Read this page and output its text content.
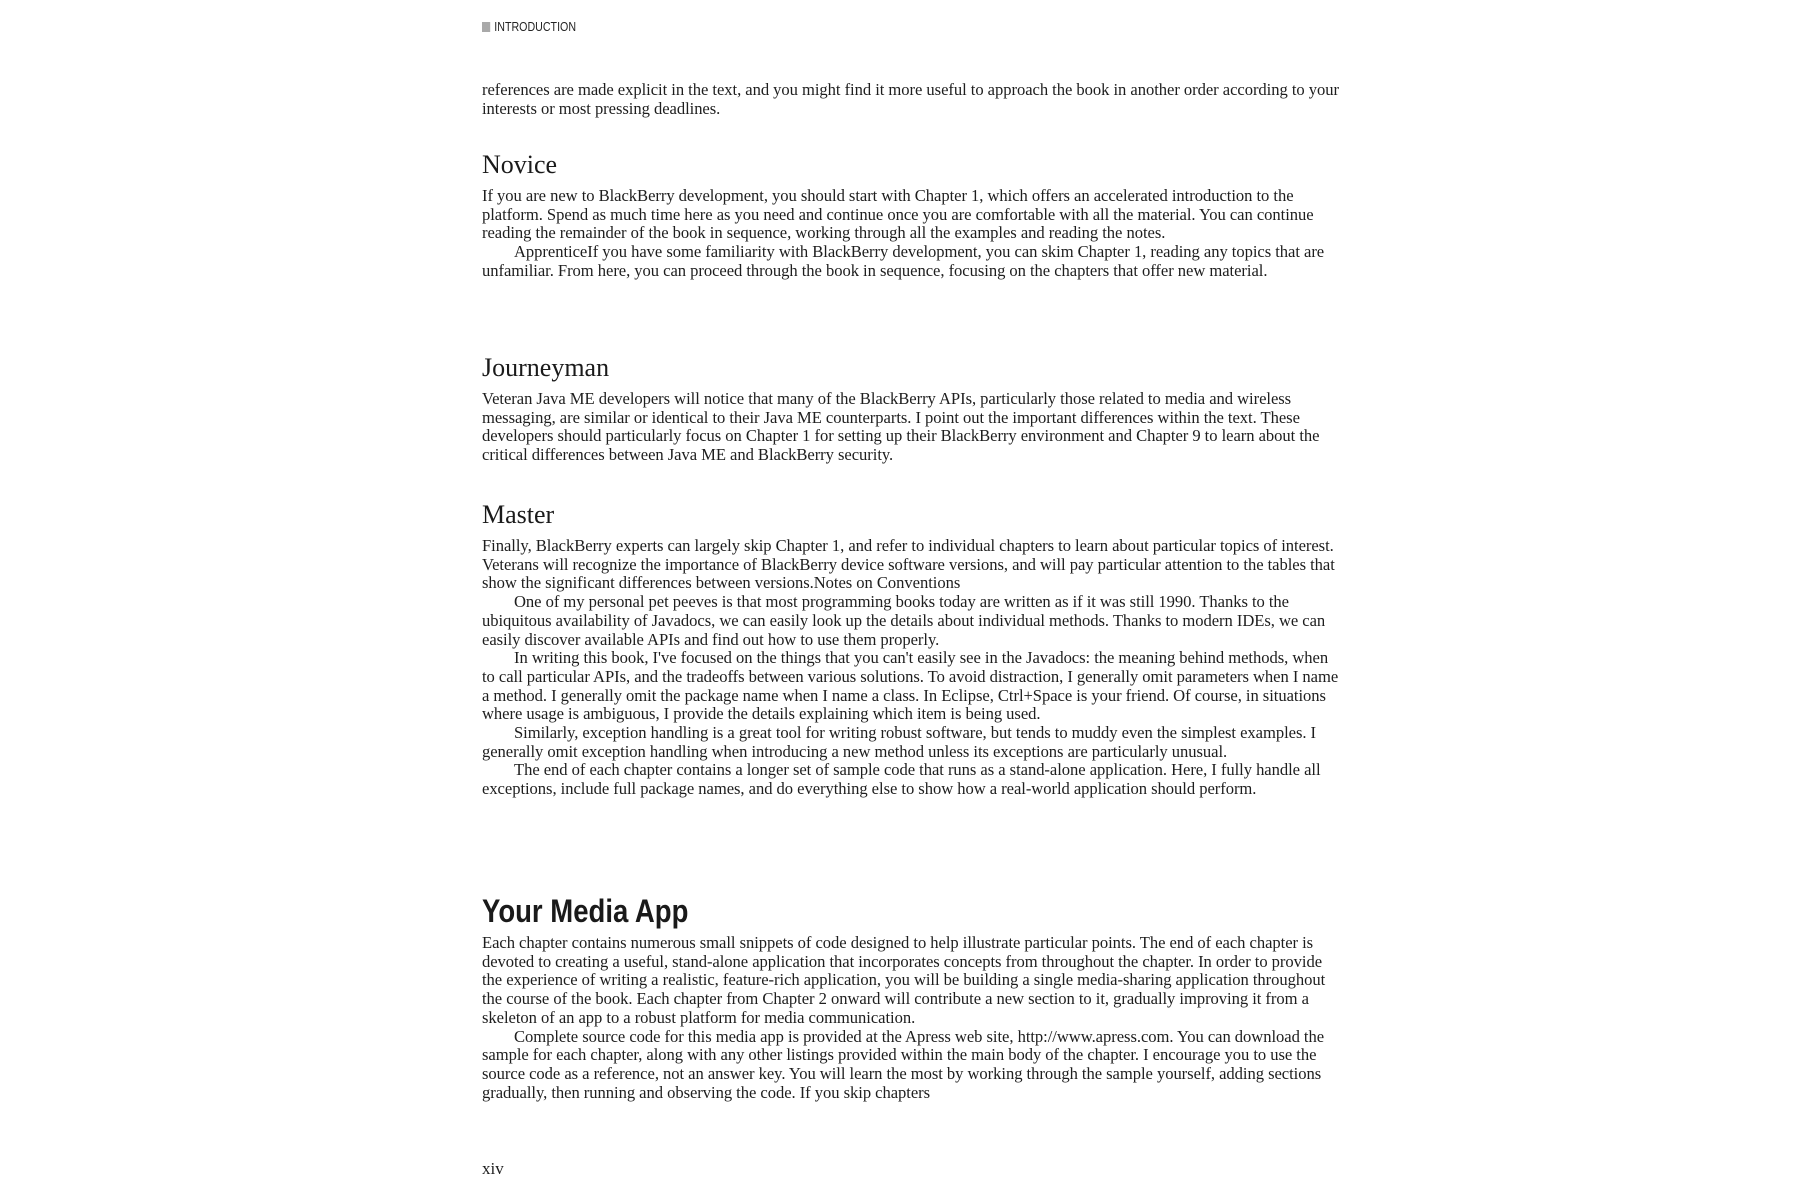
INTRODUCTION

references are made explicit in the text, and you might find it more useful to approach the book in another order according to your interests or most pressing deadlines.

Novice

If you are new to BlackBerry development, you should start with Chapter 1, which offers an accelerated introduction to the platform. Spend as much time here as you need and continue once you are comfortable with all the material. You can continue reading the remainder of the book in sequence, working through all the examples and reading the notes.

ApprenticeIf you have some familiarity with BlackBerry development, you can skim Chapter 1, reading any topics that are unfamiliar. From here, you can proceed through the book in sequence, focusing on the chapters that offer new material.

Journeyman

Veteran Java ME developers will notice that many of the BlackBerry APIs, particularly those related to media and wireless messaging, are similar or identical to their Java ME counterparts. I point out the important differences within the text. These developers should particularly focus on Chapter 1 for setting up their BlackBerry environment and Chapter 9 to learn about the critical differences between Java ME and BlackBerry security.

Master

Finally, BlackBerry experts can largely skip Chapter 1, and refer to individual chapters to learn about particular topics of interest. Veterans will recognize the importance of BlackBerry device software versions, and will pay particular attention to the tables that show the significant differences between versions.Notes on Conventions

One of my personal pet peeves is that most programming books today are written as if it was still 1990. Thanks to the ubiquitous availability of Javadocs, we can easily look up the details about individual methods. Thanks to modern IDEs, we can easily discover available APIs and find out how to use them properly.

In writing this book, I've focused on the things that you can't easily see in the Javadocs: the meaning behind methods, when to call particular APIs, and the tradeoffs between various solutions. To avoid distraction, I generally omit parameters when I name a method. I generally omit the package name when I name a class. In Eclipse, Ctrl+Space is your friend. Of course, in situations where usage is ambiguous, I provide the details explaining which item is being used.

Similarly, exception handling is a great tool for writing robust software, but tends to muddy even the simplest examples. I generally omit exception handling when introducing a new method unless its exceptions are particularly unusual.

The end of each chapter contains a longer set of sample code that runs as a stand-alone application. Here, I fully handle all exceptions, include full package names, and do everything else to show how a real-world application should perform.

Your Media App

Each chapter contains numerous small snippets of code designed to help illustrate particular points. The end of each chapter is devoted to creating a useful, stand-alone application that incorporates concepts from throughout the chapter. In order to provide the experience of writing a realistic, feature-rich application, you will be building a single media-sharing application throughout the course of the book. Each chapter from Chapter 2 onward will contribute a new section to it, gradually improving it from a skeleton of an app to a robust platform for media communication.

Complete source code for this media app is provided at the Apress web site, http://www.apress.com. You can download the sample for each chapter, along with any other listings provided within the main body of the chapter. I encourage you to use the source code as a reference, not an answer key. You will learn the most by working through the sample yourself, adding sections gradually, then running and observing the code. If you skip chapters

xiv
